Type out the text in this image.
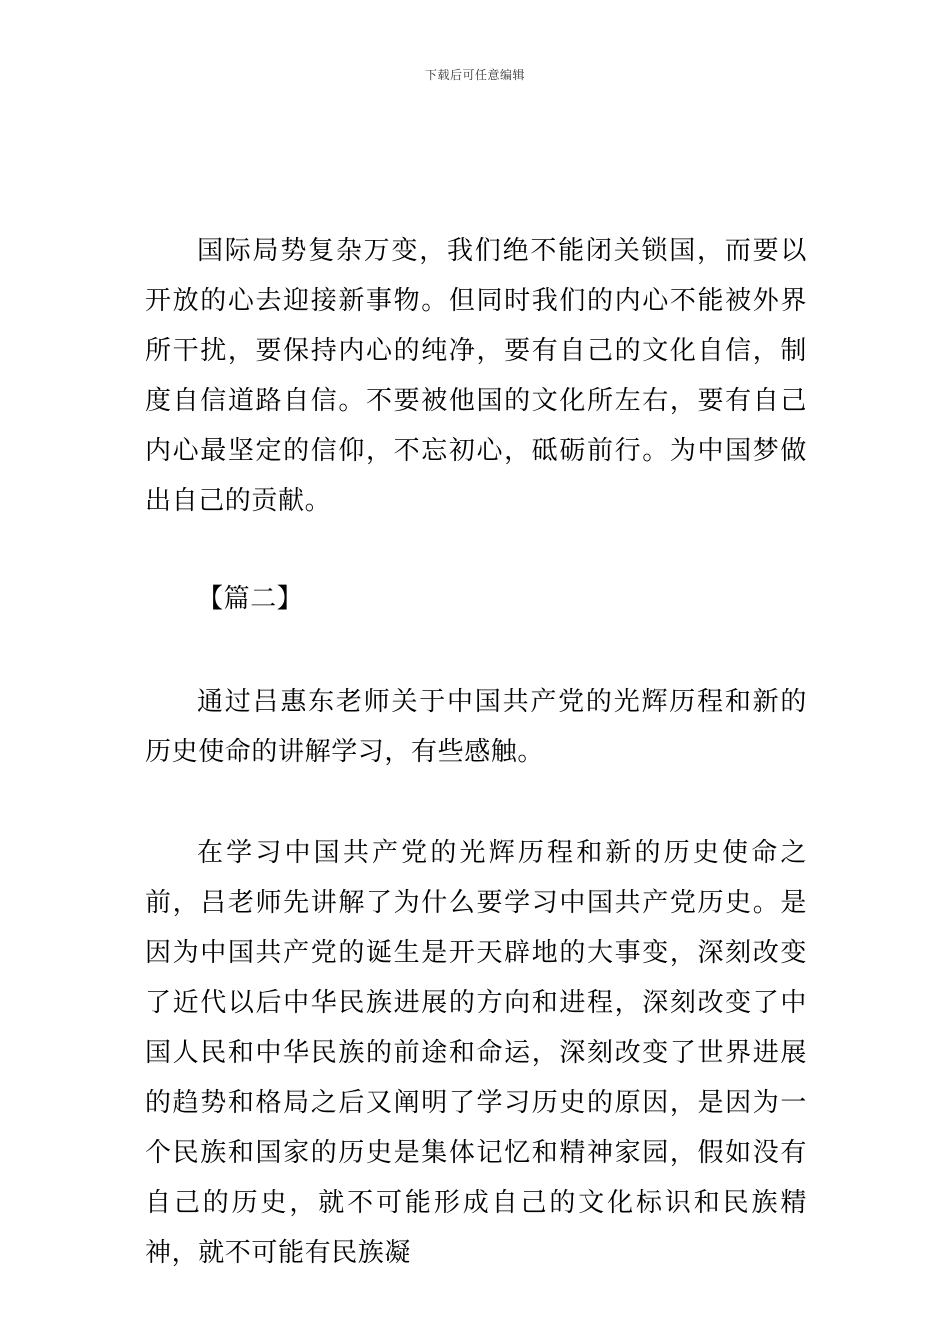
下载后可任意编辑

国际局势复杂万变，我们绝不能闭关锁国，而要以开放的心去迎接新事物。但同时我们的内心不能被外界所干扰，要保持内心的纯净，要有自己的文化自信，制度自信道路自信。不要被他国的文化所左右，要有自己内心最坚定的信仰，不忘初心，砥砺前行。为中国梦做出自己的贡献。

【篇二】

通过吕惠东老师关于中国共产党的光辉历程和新的历史使命的讲解学习，有些感触。

在学习中国共产党的光辉历程和新的历史使命之前，吕老师先讲解了为什么要学习中国共产党历史。是因为中国共产党的诞生是开天辟地的大事变，深刻改变了近代以后中华民族进展的方向和进程，深刻改变了中国人民和中华民族的前途和命运，深刻改变了世界进展的趋势和格局之后又阐明了学习历史的原因，是因为一个民族和国家的历史是集体记忆和精神家园，假如没有自己的历史，就不可能形成自己的文化标识和民族精神，就不可能有民族凝
